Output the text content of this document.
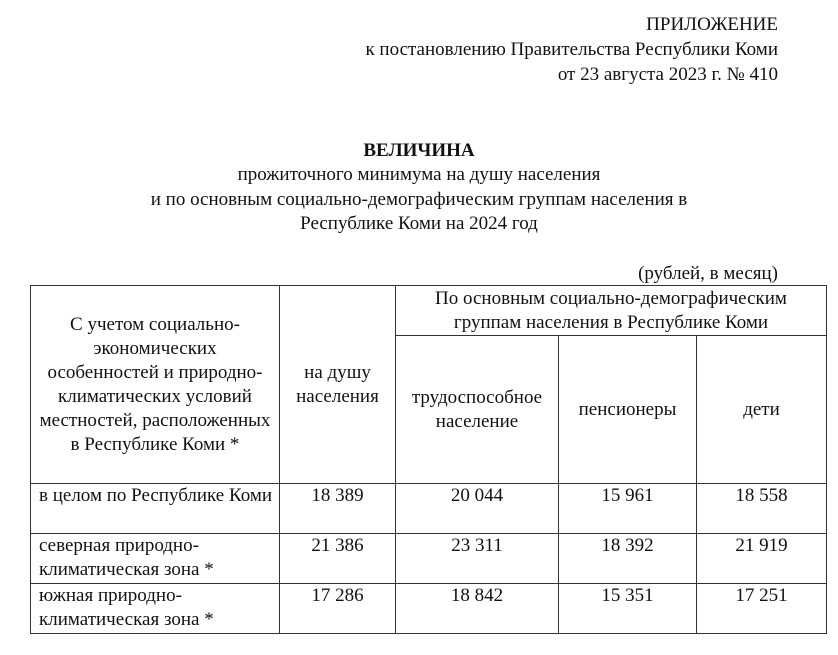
ПРИЛОЖЕНИЕ
к постановлению Правительства Республики Коми
от 23 августа 2023 г. № 410
ВЕЛИЧИНА
прожиточного минимума на душу населения
и по основным социально-демографическим группам населения в
Республике Коми на 2024 год
(рублей, в месяц)
С учетом социально-экономических особенностей и природно-климатических условий местностей, расположенных в Республике Коми *	на душу населения	По основным социально-демографическим группам населения в Республике Коми		
		трудоспособное население	пенсионеры	дети
в целом по Республике Коми	18 389	20 044	15 961	18 558
северная природно-климатическая зона *	21 386	23 311	18 392	21 919
южная природно-климатическая зона *	17 286	18 842	15 351	17 251
